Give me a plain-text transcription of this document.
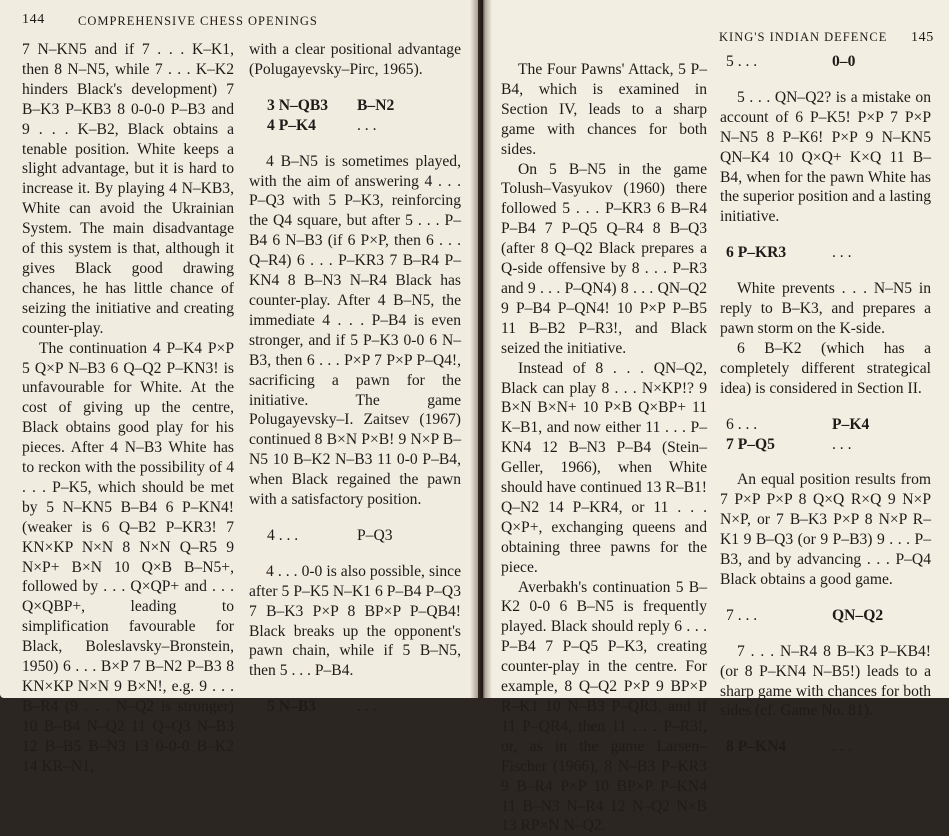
144	COMPREHENSIVE CHESS OPENINGS

7 N–KN5 and if 7 . . . K–K1, then 8 N–N5, while 7 . . . K–K2 hinders Black's development) 7 B–K3 P–KB3 8 0-0-0 P–B3 and 9 . . . K–B2, Black obtains a tenable position. White keeps a slight advantage, but it is hard to increase it. By playing 4 N–KB3, White can avoid the Ukrainian System. The main disadvantage of this system is that, although it gives Black good drawing chances, he has little chance of seizing the initiative and creating counter-play.

The continuation 4 P–K4 P×P 5 Q×P N–B3 6 Q–Q2 P–KN3! is unfavourable for White. At the cost of giving up the centre, Black obtains good play for his pieces. After 4 N–B3 White has to reckon with the possibility of 4 . . . P–K5, which should be met by 5 N–KN5 B–B4 6 P–KN4! (weaker is 6 Q–B2 P–KR3! 7 KN×KP N×N 8 N×N Q–R5 9 N×P+ B×N 10 Q×B B–N5+, followed by . . . Q×QP+ and . . . Q×QBP+, leading to simplification favourable for Black, Boleslavsky–Bronstein, 1950) 6 . . . B×P 7 B–N2 P–B3 8 KN×KP N×N 9 B×N!, e.g. 9 . . . B–R4 (9 . . . N–Q2 is stronger) 10 B–B4 N–Q2 11 Q–Q3 N–B3 12 B–B5 B–N3 13 0-0-0 B–K2 14 KR–N1,

with a clear positional advantage (Polugayevsky–Pirc, 1965).

3 N–QB3	B–N2
4 P–K4	. . .

4 B–N5 is sometimes played, with the aim of answering 4 . . . P–Q3 with 5 P–K3, reinforcing the Q4 square, but after 5 . . . P–B4 6 N–B3 (if 6 P×P, then 6 . . . Q–R4) 6 . . . P–KR3 7 B–R4 P–KN4 8 B–N3 N–R4 Black has counter-play. After 4 B–N5, the immediate 4 . . . P–B4 is even stronger, and if 5 P–K3 0-0 6 N–B3, then 6 . . . P×P 7 P×P P–Q4!, sacrificing a pawn for the initiative. The game Polugayevsky–I. Zaitsev (1967) continued 8 B×N P×B! 9 N×P B–N5 10 B–K2 N–B3 11 0-0 P–B4, when Black regained the pawn with a satisfactory position.

4 . . .	P–Q3

4 . . . 0-0 is also possible, since after 5 P–K5 N–K1 6 P–B4 P–Q3 7 B–K3 P×P 8 BP×P P–QB4! Black breaks up the opponent's pawn chain, while if 5 B–N5, then 5 . . . P–B4.

5 N–B3	. . .
KING'S INDIAN DEFENCE 145

The Four Pawns' Attack, 5 P–B4, which is examined in Section IV, leads to a sharp game with chances for both sides.

On 5 B–N5 in the game Tolush–Vasyukov (1960) there followed 5 . . . P–KR3 6 B–R4 P–B4 7 P–Q5 Q–R4 8 B–Q3 (after 8 Q–Q2 Black prepares a Q-side offensive by 8 . . . P–R3 and 9 . . . P–QN4) 8 . . . QN–Q2 9 P–B4 P–QN4! 10 P×P P–B5 11 B–B2 P–R3!, and Black seized the initiative.

Instead of 8 . . . QN–Q2, Black can play 8 . . . N×KP!? 9 B×N B×N+ 10 P×B Q×BP+ 11 K–B1, and now either 11 . . . P–KN4 12 B–N3 P–B4 (Stein–Geller, 1966), when White should have continued 13 R–B1! Q–N2 14 P–KR4, or 11 . . . Q×P+, exchanging queens and obtaining three pawns for the piece.

Averbakh's continuation 5 B–K2 0-0 6 B–N5 is frequently played. Black should reply 6 . . . P–B4 7 P–Q5 P–K3, creating counter-play in the centre. For example, 8 Q–Q2 P×P 9 BP×P R–K1 10 N–B3 P–QR3, and if 11 P–QR4, then 11 . . . P–R3!, or, as in the game Larsen–Fischer (1966), 8 N–B3 P–KR3 9 B–R4 P×P 10 BP×P P–KN4 11 B–N3 N–R4 12 N–Q2 N×B 13 RP×N N–Q2.

5 . . .	0–0

5 . . . QN–Q2? is a mistake on account of 6 P–K5! P×P 7 P×P N–N5 8 P–K6! P×P 9 N–KN5 QN–K4 10 Q×Q+ K×Q 11 B–B4, when for the pawn White has the superior position and a lasting initiative.

6 P–KR3	. . .

White prevents . . . N–N5 in reply to B–K3, and prepares a pawn storm on the K-side.

6 B–K2 (which has a completely different strategical idea) is considered in Section II.

6 . . .	P–K4
7 P–Q5	. . .

An equal position results from 7 P×P P×P 8 Q×Q R×Q 9 N×P N×P, or 7 B–K3 P×P 8 N×P R–K1 9 B–Q3 (or 9 P–B3) 9 . . . P–B3, and by advancing . . . P–Q4 Black obtains a good game.

7 . . .	QN–Q2

7 . . . N–R4 8 B–K3 P–KB4! (or 8 P–KN4 N–B5!) leads to a sharp game with chances for both sides (cf. Game No. 81).

8 P–KN4	. . .
